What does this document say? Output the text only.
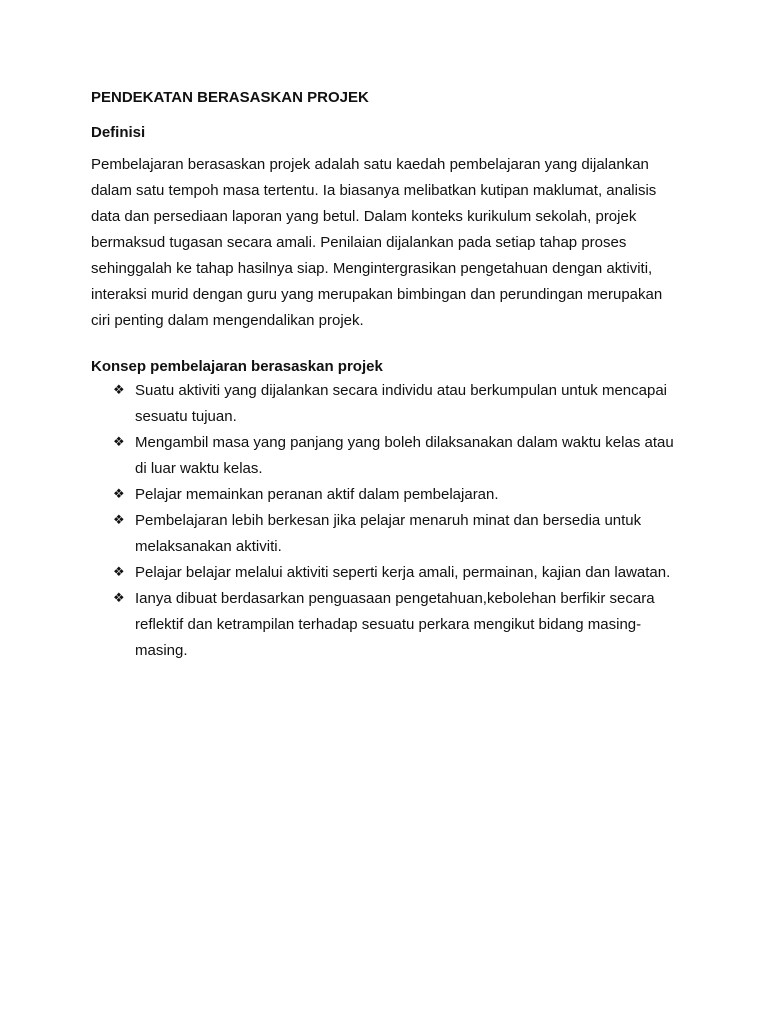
PENDEKATAN BERASASKAN PROJEK
Definisi

Pembelajaran berasaskan projek adalah satu kaedah pembelajaran yang dijalankan dalam satu tempoh masa tertentu. Ia biasanya melibatkan kutipan maklumat, analisis data dan persediaan laporan yang betul. Dalam konteks kurikulum sekolah, projek bermaksud tugasan secara amali. Penilaian dijalankan pada setiap tahap proses sehinggalah ke tahap hasilnya siap. Mengintergrasikan pengetahuan dengan aktiviti, interaksi murid dengan guru yang merupakan bimbingan dan perundingan merupakan ciri penting dalam mengendalikan projek.

Konsep pembelajaran berasaskan projek
❖ Suatu aktiviti yang dijalankan secara individu atau berkumpulan untuk mencapai sesuatu tujuan.
❖ Mengambil masa yang panjang yang boleh dilaksanakan dalam waktu kelas atau di luar waktu kelas.
❖ Pelajar memainkan peranan aktif dalam pembelajaran.
❖ Pembelajaran lebih berkesan jika pelajar menaruh minat dan bersedia untuk melaksanakan aktiviti.
❖ Pelajar belajar melalui aktiviti seperti kerja amali, permainan, kajian dan lawatan.
❖ Ianya dibuat berdasarkan penguasaan pengetahuan,kebolehan berfikir secara reflektif dan ketrampilan terhadap sesuatu perkara mengikut bidang masing-masing.
